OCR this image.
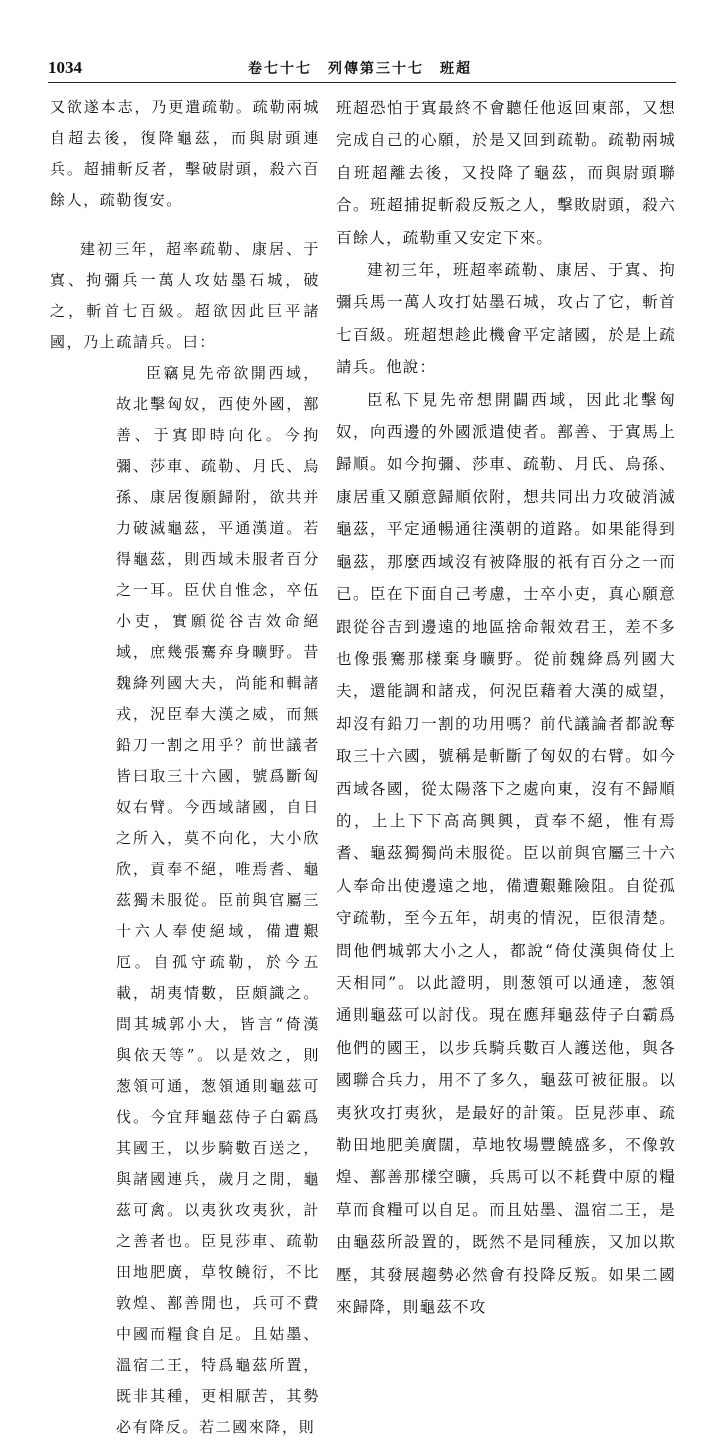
1034	卷七十七　列傳第三十七　班超

又欲遂本志，乃更遣疏勒。疏勒兩城自超去後，復降龜茲，而與尉頭連兵。超捕斬反者，擊破尉頭，殺六百餘人，疏勒復安。

建初三年，超率疏勒、康居、于寘、拘彌兵一萬人攻姑墨石城，破之，斬首七百級。超欲因此巨平諸國，乃上疏請兵。曰：

臣竊見先帝欲開西域，故北擊匈奴，西使外國，鄯善、于寘即時向化。今拘彌、莎車、疏勒、月氏、烏孫、康居復願歸附，欲共并力破滅龜茲，平通漢道。若得龜茲，則西域未服者百分之一耳。臣伏自惟念，卒伍小吏，實願從谷吉效命絕域，庶幾張騫弃身曠野。昔魏絳列國大夫，尚能和輯諸戎，況臣奉大漢之威，而無鉛刀一割之用乎？前世議者皆曰取三十六國，號爲斷匈奴右臂。今西域諸國，自日之所入，莫不向化，大小欣欣，貢奉不絕，唯焉耆、龜茲獨未服從。臣前與官屬三十六人奉使絕域，備遭艱厄。自孤守疏勒，於今五載，胡夷情數，臣頗識之。問其城郭小大，皆言“倚漢與依天等”。以是效之，則葱領可通，葱領通則龜茲可伐。今宜拜龜茲侍子白霸爲其國王，以步騎數百送之，與諸國連兵，歲月之閒，龜茲可禽。以夷狄攻夷狄，計之善者也。臣見莎車、疏勒田地肥廣，草牧饒衍，不比敦煌、鄯善閒也，兵可不費中國而糧食自足。且姑墨、溫宿二王，特爲龜茲所置，既非其種，更相厭苦，其勢必有降反。若二國來降，則

班超恐怕于寘最終不會聽任他返回東部，又想完成自己的心願，於是又回到疏勒。疏勒兩城自班超離去後，又投降了龜茲，而與尉頭聯合。班超捕捉斬殺反叛之人，擊敗尉頭，殺六百餘人，疏勒重又安定下來。

建初三年，班超率疏勒、康居、于寘、拘彌兵馬一萬人攻打姑墨石城，攻占了它，斬首七百級。班超想趁此機會平定諸國，於是上疏請兵。他說：

臣私下見先帝想開闢西域，因此北擊匈奴，向西邊的外國派遣使者。鄯善、于寘馬上歸順。如今拘彌、莎車、疏勒、月氏、烏孫、康居重又願意歸順依附，想共同出力攻破消滅龜茲，平定通暢通往漢朝的道路。如果能得到龜茲，那麼西域沒有被降服的祇有百分之一而已。臣在下面自己考慮，士卒小吏，真心願意跟從谷吉到邊遠的地區捨命報效君王，差不多也像張騫那樣棄身曠野。從前魏絳爲列國大夫，還能調和諸戎，何況臣藉着大漢的威望，却沒有鉛刀一割的功用嗎？前代議論者都說奪取三十六國，號稱是斬斷了匈奴的右臂。如今西域各國，從太陽落下之處向東，沒有不歸順的，上上下下高高興興，貢奉不絕，惟有焉耆、龜茲獨獨尚未服從。臣以前與官屬三十六人奉命出使邊遠之地，備遭艱難險阻。自從孤守疏勒，至今五年，胡夷的情況，臣很清楚。問他們城郭大小之人，都說“倚仗漢與倚仗上天相同”。以此證明，則葱領可以通達，葱領通則龜茲可以討伐。現在應拜龜茲侍子白霸爲他們的國王，以步兵騎兵數百人護送他，與各國聯合兵力，用不了多久，龜茲可被征服。以夷狄攻打夷狄，是最好的計策。臣見莎車、疏勒田地肥美廣闊，草地牧場豐饒盛多，不像敦煌、鄯善那樣空曠，兵馬可以不耗費中原的糧草而食糧可以自足。而且姑墨、溫宿二王，是由龜茲所設置的，既然不是同種族，又加以欺壓，其發展趨勢必然會有投降反叛。如果二國來歸降，則龜茲不攻
